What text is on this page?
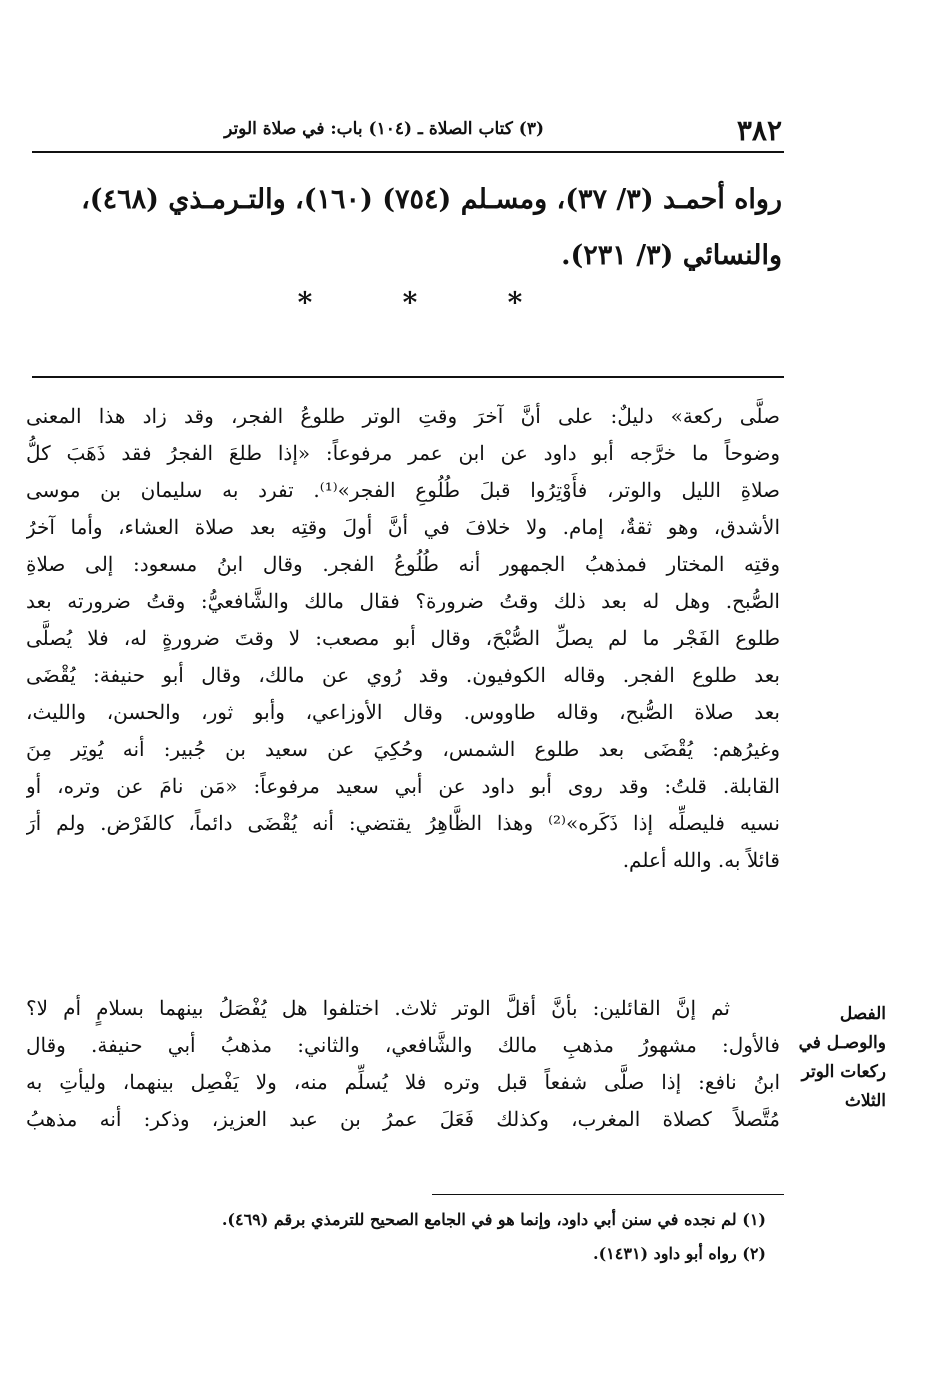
٣٨٢
(٣) كتاب الصلاة ـ (١٠٤) باب: في صلاة الوتر
رواه أحمـد (٣/ ٣٧)، ومسـلم (٧٥٤) (١٦٠)، والتـرمـذي (٤٦٨)،
والنسائي (٣/ ٢٣١).
*	*	*
صلَّى ركعة» دليلٌ: على أنَّ آخرَ وقتِ الوتر طلوعُ الفجر، وقد زاد هذا المعنى
وضوحاً ما خرَّجه أبو داود عن ابن عمر مرفوعاً: «إذا طلعَ الفجرُ فقد ذَهَبَ كلُّ
صلاةِ الليل والوتر، فأَوْتِرُوا قبلَ طُلُوعِ الفجر»⁽¹⁾. تفرد به سليمان بن موسى
الأشدق، وهو ثقةٌ، إمام. ولا خلافَ في أنَّ أولَ وقتِه بعد صلاة العشاء، وأما آخرُ
وقتِه المختار فمذهبُ الجمهور أنه طُلُوعُ الفجر. وقال ابنُ مسعود: إلى صلاةِ
الصُّبح. وهل له بعد ذلك وقتُ ضرورة؟ فقال مالك والشَّافعيُّ: وقتُ ضرورته بعد
طلوع الفَجْر ما لم يصلِّ الصُّبْحَ، وقال أبو مصعب: لا وقتَ ضرورةٍ له، فلا يُصلَّى
بعد طلوع الفجر. وقاله الكوفيون. وقد رُوي عن مالك، وقال أبو حنيفة: يُقْضَى
بعد صلاة الصُّبح، وقاله طاووس. وقال الأوزاعي، وأبو ثور، والحسن، والليث،
وغيرُهم: يُقْضَى بعد طلوع الشمس، وحُكِيَ عن سعيد بن جُبير: أنه يُوتِر مِنَ
القابلة. قلتُ: وقد روى أبو داود عن أبي سعيد مرفوعاً: «مَن نامَ عن وتره، أو
نسيه فليصلِّه إذا ذَكَره»⁽²⁾ وهذا الظَّاهِرُ يقتضي: أنه يُقْضَى دائماً، كالفَرْض. ولم أرَ
قائلاً به. والله أعلم.
الفصل
والوصـل في
ركعات الوتر
الثلاث
ثم إنَّ القائلين: بأنَّ أقلَّ الوتر ثلاث. اختلفوا هل يُفْصَلُ بينهما بسلامٍ أم لا؟
فالأول: مشهورُ مذهبِ مالك والشَّافعي، والثاني: مذهبُ أبي حنيفة. وقال
ابنُ نافع: إذا صلَّى شفعاً قبل وتره فلا يُسلِّم منه، ولا يَفْصِل بينهما، وليأتِ به
مُتَّصلاً كصلاة المغرب، وكذلك فَعَلَ عمرُ بن عبد العزيز، وذكر: أنه مذهبُ
(١) لم نجده في سنن أبي داود، وإنما هو في الجامع الصحيح للترمذي برقم (٤٦٩).
(٢) رواه أبو داود (١٤٣١).
